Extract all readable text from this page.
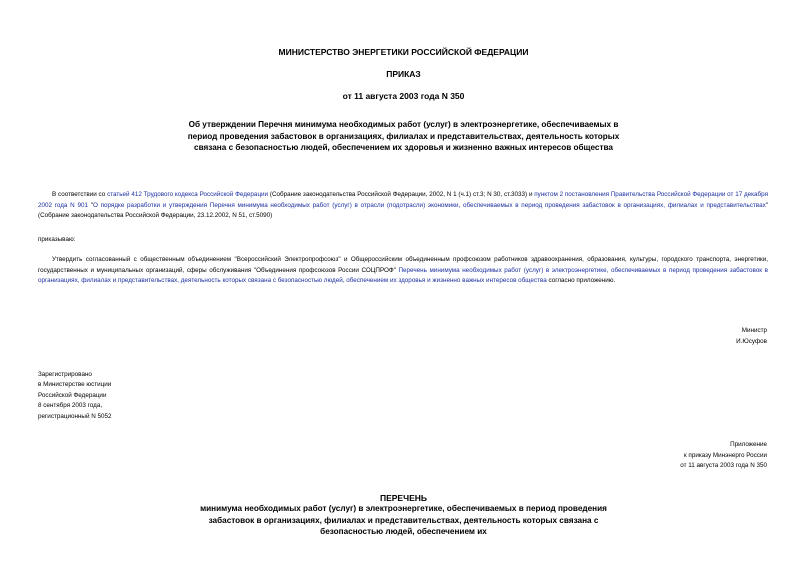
МИНИСТЕРСТВО ЭНЕРГЕТИКИ РОССИЙСКОЙ ФЕДЕРАЦИИ
ПРИКАЗ
от 11 августа 2003 года N 350
Об утверждении Перечня минимума необходимых работ (услуг) в электроэнергетике, обеспечиваемых в период проведения забастовок в организациях, филиалах и представительствах, деятельность которых связана с безопасностью людей, обеспечением их здоровья и жизненно важных интересов общества

В соответствии со статьей 412 Трудового кодекса Российской Федерации (Собрание законодательства Российской Федерации, 2002, N 1 (ч.1) ст.3; N 30, ст.3033) и пунктом 2 постановления Правительства Российской Федерации от 17 декабря 2002 года N 901 "О порядке разработки и утверждения Перечня минимума необходимых работ (услуг) в отрасли (подотрасли) экономики, обеспечиваемых в период проведения забастовок в организациях, филиалах и представительствах" (Собрание законодательства Российской Федерации, 23.12.2002, N 51, ст.5090)

приказываю:

Утвердить согласованный с общественным объединением "Всероссийский Электропрофсоюз" и Общероссийским объединенным профсоюзом работников здравоохранения, образования, культуры, городского транспорта, энергетики, государственных и муниципальных организаций, сферы обслуживания "Объединения профсоюзов России СОЦПРОФ" Перечень минимума необходимых работ (услуг) в электроэнергетике, обеспечиваемых в период проведения забастовок в организациях, филиалах и представительствах, деятельность которых связана с безопасностью людей, обеспечением их здоровья и жизненно важных интересов общества согласно приложению.

Министр
И.Юсуфов
Зарегистрировано
в Министерстве юстиции
Российской Федерации
8 сентября 2003 года,
регистрационный N 5052
Приложение
к приказу Минэнерго России
от 11 августа 2003 года N 350
ПЕРЕЧЕНЬ
минимума необходимых работ (услуг) в электроэнергетике, обеспечиваемых в период проведения забастовок в организациях, филиалах и представительствах, деятельность которых связана с безопасностью людей, обеспечением их
